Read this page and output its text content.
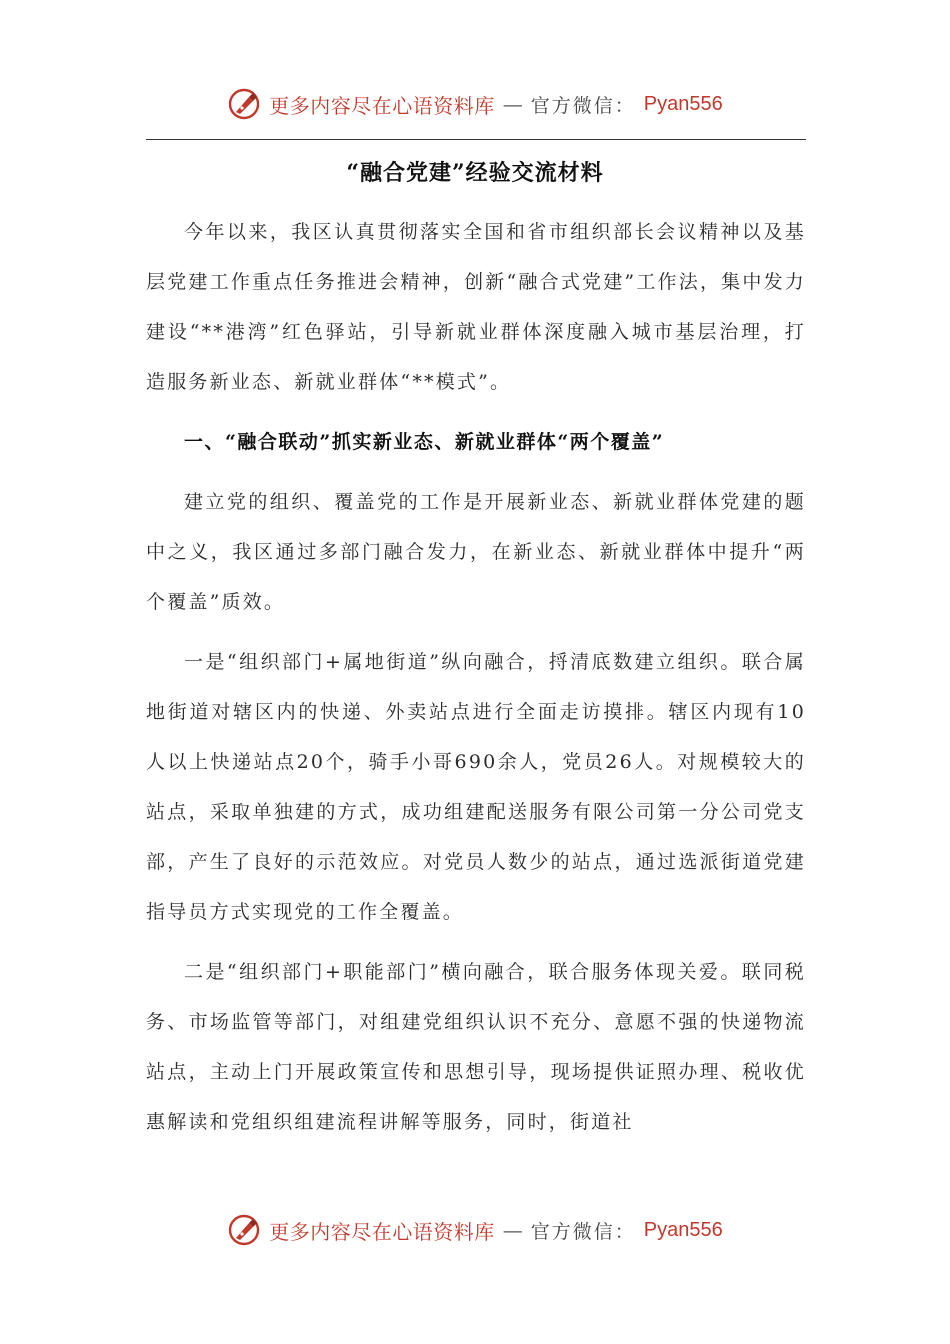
更多内容尽在心语资料库 — 官方微信： Pyan556
“融合党建”经验交流材料

今年以来，我区认真贯彻落实全国和省市组织部长会议精神以及基层党建工作重点任务推进会精神，创新“融合式党建”工作法，集中发力建设“**港湾”红色驿站，引导新就业群体深度融入城市基层治理，打造服务新业态、新就业群体“**模式”。

一、“融合联动”抓实新业态、新就业群体“两个覆盖”

建立党的组织、覆盖党的工作是开展新业态、新就业群体党建的题中之义，我区通过多部门融合发力，在新业态、新就业群体中提升“两个覆盖”质效。

一是“组织部门+属地街道”纵向融合，捋清底数建立组织。联合属地街道对辖区内的快递、外卖站点进行全面走访摸排。辖区内现有10人以上快递站点20个，骑手小哥690余人，党员26人。对规模较大的站点，采取单独建的方式，成功组建配送服务有限公司第一分公司党支部，产生了良好的示范效应。对党员人数少的站点，通过选派街道党建指导员方式实现党的工作全覆盖。

二是“组织部门+职能部门”横向融合，联合服务体现关爱。联同税务、市场监管等部门，对组建党组织认识不充分、意愿不强的快递物流站点，主动上门开展政策宣传和思想引导，现场提供证照办理、税收优惠解读和党组织组建流程讲解等服务，同时，街道社

更多内容尽在心语资料库 — 官方微信： Pyan556
